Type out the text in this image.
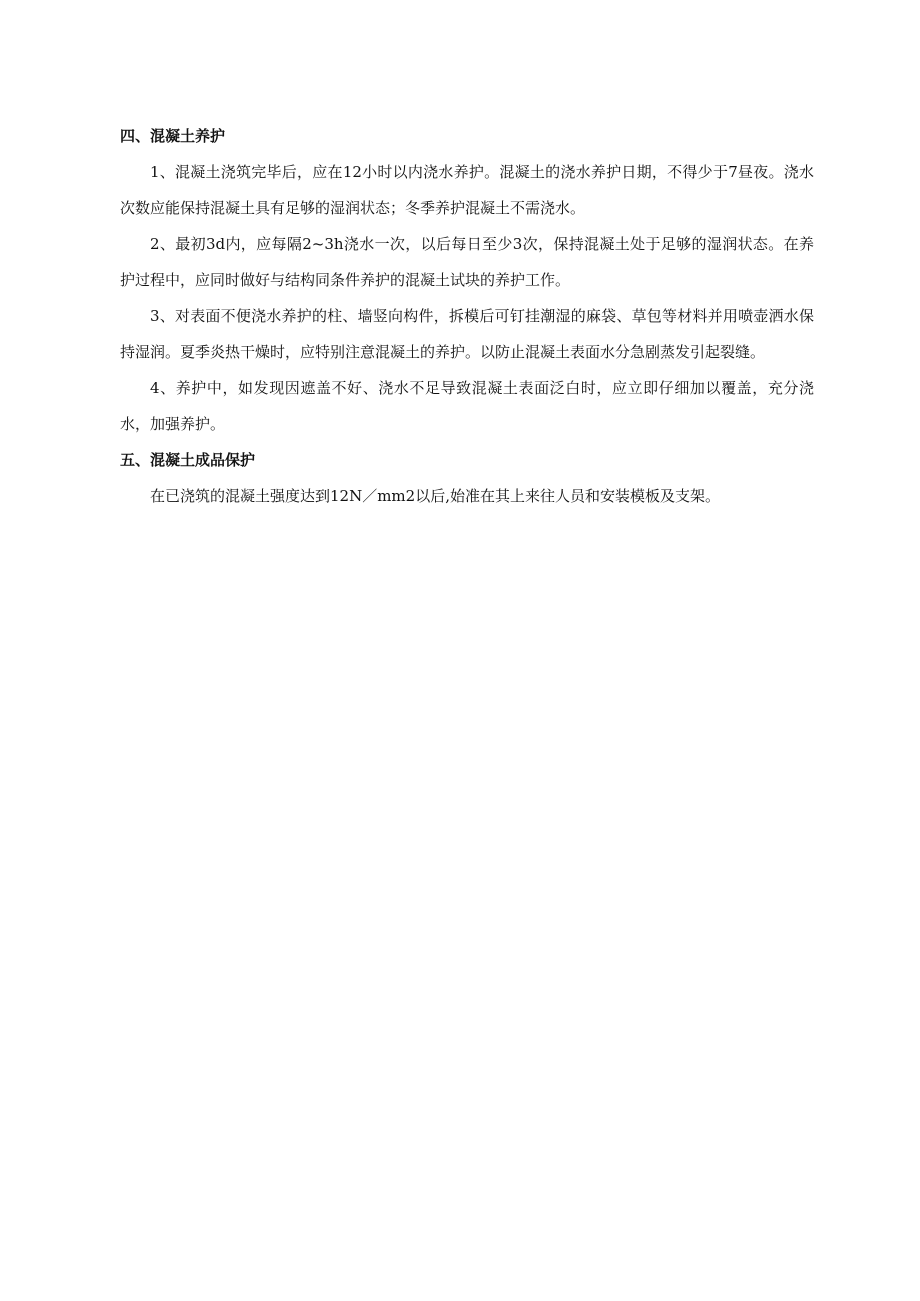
四、混凝土养护

1、混凝土浇筑完毕后，应在12小时以内浇水养护。混凝土的浇水养护日期，不得少于7昼夜。浇水次数应能保持混凝土具有足够的湿润状态；冬季养护混凝土不需浇水。

2、最初3d内，应每隔2~3h浇水一次，以后每日至少3次，保持混凝土处于足够的湿润状态。在养护过程中，应同时做好与结构同条件养护的混凝土试块的养护工作。

3、对表面不便浇水养护的柱、墙竖向构件，拆模后可钉挂潮湿的麻袋、草包等材料并用喷壶洒水保持湿润。夏季炎热干燥时，应特别注意混凝土的养护。以防止混凝土表面水分急剧蒸发引起裂缝。

4、养护中，如发现因遮盖不好、浇水不足导致混凝土表面泛白时，应立即仔细加以覆盖，充分浇水，加强养护。

五、混凝土成品保护

在已浇筑的混凝土强度达到12N／mm2以后,始准在其上来往人员和安装模板及支架。
